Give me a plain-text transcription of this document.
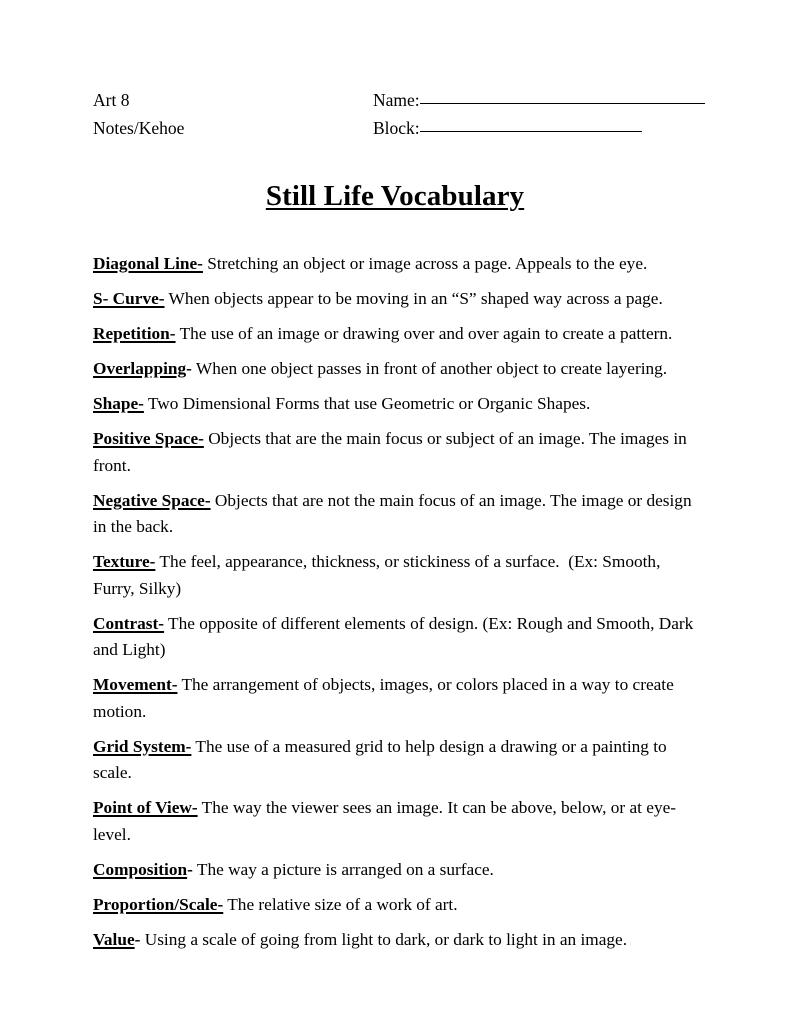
Art 8	Name:
Notes/Kehoe	Block:
Still Life Vocabulary

Diagonal Line- Stretching an object or image across a page. Appeals to the eye.

S- Curve- When objects appear to be moving in an “S” shaped way across a page.

Repetition- The use of an image or drawing over and over again to create a pattern.

Overlapping- When one object passes in front of another object to create layering.

Shape- Two Dimensional Forms that use Geometric or Organic Shapes.

Positive Space- Objects that are the main focus or subject of an image. The images in front.

Negative Space- Objects that are not the main focus of an image. The image or design in the back.

Texture- The feel, appearance, thickness, or stickiness of a surface.  (Ex: Smooth, Furry, Silky)

Contrast- The opposite of different elements of design. (Ex: Rough and Smooth, Dark and Light)

Movement- The arrangement of objects, images, or colors placed in a way to create motion.

Grid System- The use of a measured grid to help design a drawing or a painting to scale.

Point of View- The way the viewer sees an image. It can be above, below, or at eye-level.

Composition- The way a picture is arranged on a surface.

Proportion/Scale- The relative size of a work of art.

Value- Using a scale of going from light to dark, or dark to light in an image.
